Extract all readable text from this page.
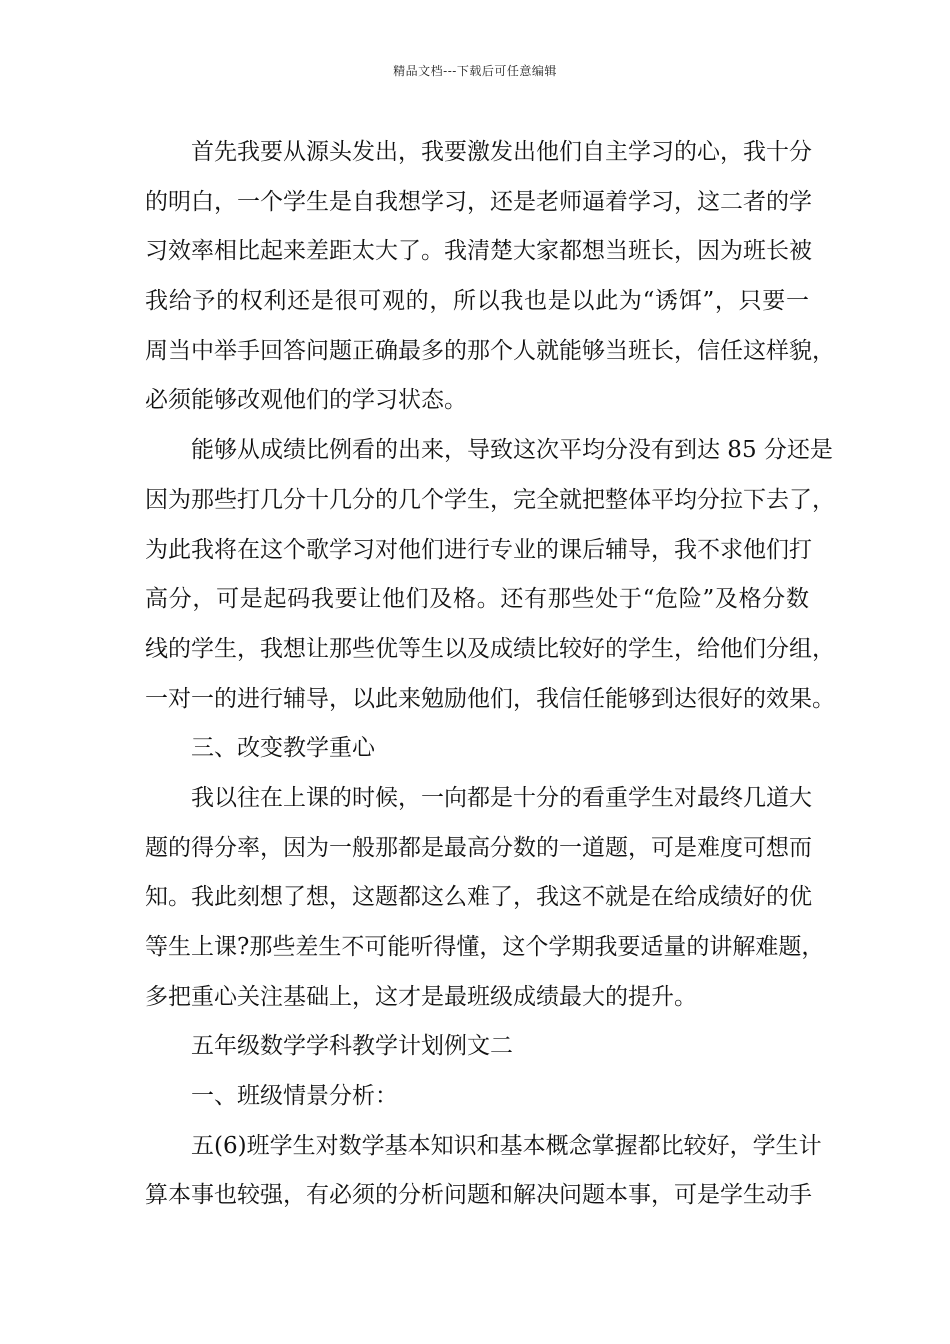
精品文档---下载后可任意编辑
首先我要从源头发出，我要激发出他们自主学习的心，我十分
的明白，一个学生是自我想学习，还是老师逼着学习，这二者的学
习效率相比起来差距太大了。我清楚大家都想当班长，因为班长被
我给予的权利还是很可观的，所以我也是以此为“诱饵”，只要一
周当中举手回答问题正确最多的那个人就能够当班长，信任这样貌，
必须能够改观他们的学习状态。
能够从成绩比例看的出来，导致这次平均分没有到达 85 分还是
因为那些打几分十几分的几个学生，完全就把整体平均分拉下去了，
为此我将在这个歌学习对他们进行专业的课后辅导，我不求他们打
高分，可是起码我要让他们及格。还有那些处于“危险”及格分数
线的学生，我想让那些优等生以及成绩比较好的学生，给他们分组，
一对一的进行辅导，以此来勉励他们，我信任能够到达很好的效果。
三、改变教学重心
我以往在上课的时候，一向都是十分的看重学生对最终几道大
题的得分率，因为一般那都是最高分数的一道题，可是难度可想而
知。我此刻想了想，这题都这么难了，我这不就是在给成绩好的优
等生上课?那些差生不可能听得懂，这个学期我要适量的讲解难题，
多把重心关注基础上，这才是最班级成绩最大的提升。
五年级数学学科教学计划例文二
一、班级情景分析：
五(6)班学生对数学基本知识和基本概念掌握都比较好，学生计
算本事也较强，有必须的分析问题和解决问题本事，可是学生动手
